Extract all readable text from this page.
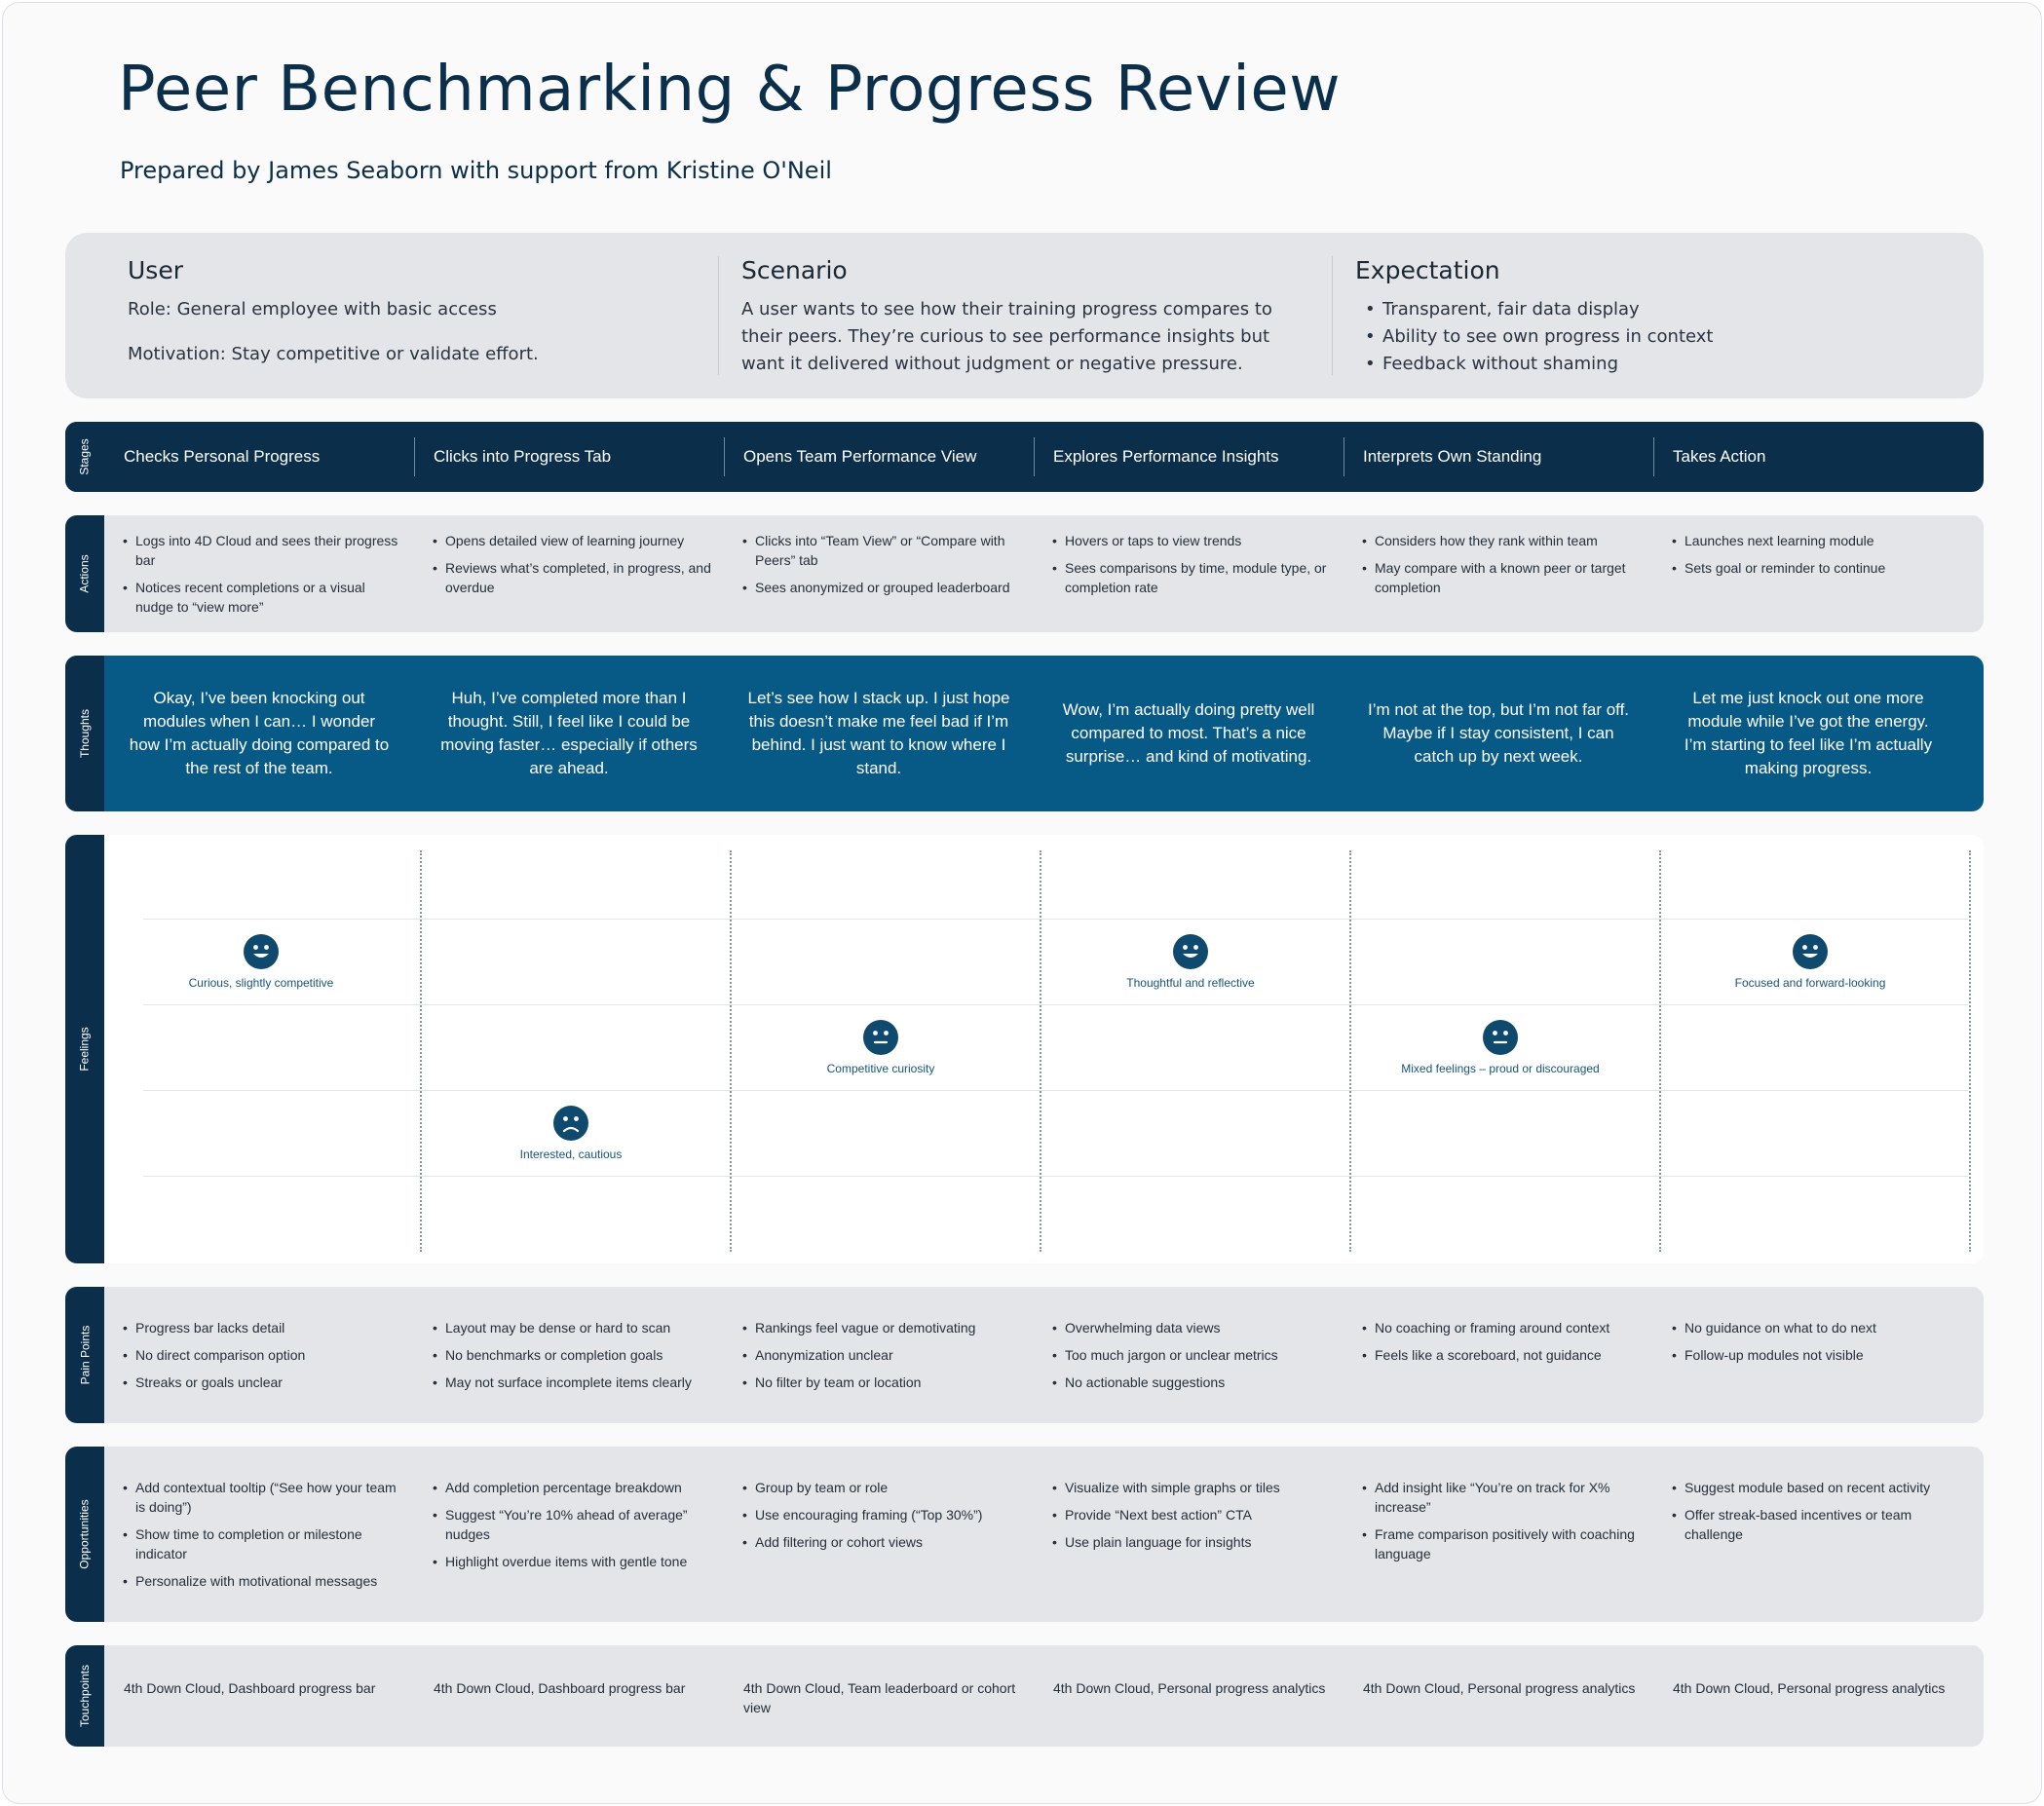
Peer Benchmarking & Progress Review
Prepared by James Seaborn with support from Kristine O'Neil
User

Role: General employee with basic access

Motivation: Stay competitive or validate effort.

Scenario

A user wants to see how their training progress compares to their peers. They’re curious to see performance insights but want it delivered without judgment or negative pressure.

Expectation
• Transparent, fair data display
• Ability to see own progress in context
• Feedback without shaming
Stages	Checks Personal Progress	Clicks into Progress Tab	Opens Team Performance View	Explores Performance Insights	Interprets Own Standing	Takes Action
Actions
• Logs into 4D Cloud and sees their progress bar
• Notices recent completions or a visual nudge to “view more”
• Opens detailed view of learning journey
• Reviews what’s completed, in progress, and overdue
• Clicks into “Team View” or “Compare with Peers” tab
• Sees anonymized or grouped leaderboard
• Hovers or taps to view trends
• Sees comparisons by time, module type, or completion rate
• Considers how they rank within team
• May compare with a known peer or target completion
• Launches next learning module
• Sets goal or reminder to continue
Thoughts
Okay, I’ve been knocking out modules when I can… I wonder how I’m actually doing compared to the rest of the team.
Huh, I’ve completed more than I thought. Still, I feel like I could be moving faster… especially if others are ahead.
Let’s see how I stack up. I just hope this doesn’t make me feel bad if I’m behind. I just want to know where I stand.
Wow, I’m actually doing pretty well compared to most. That’s a nice surprise… and kind of motivating.
I’m not at the top, but I’m not far off. Maybe if I stay consistent, I can catch up by next week.
Let me just knock out one more module while I’ve got the energy. I’m starting to feel like I’m actually making progress.
Feelings
Curious, slightly competitive
Interested, cautious
Competitive curiosity
Thoughtful and reflective
Mixed feelings – proud or discouraged
Focused and forward-looking
Pain Points
•	Progress bar lacks detail
• No direct comparison option
• Streaks or goals unclear
• Layout may be dense or hard to scan
• No benchmarks or completion goals
• May not surface incomplete items clearly
• Rankings feel vague or demotivating
• Anonymization unclear
• No filter by team or location
• Overwhelming data views
• Too much jargon or unclear metrics
• No actionable suggestions
• No coaching or framing around context
• Feels like a scoreboard, not guidance
• No guidance on what to do next
• Follow-up modules not visible
Opportunities
• Add contextual tooltip (“See how your team is doing”)
• Show time to completion or milestone indicator
• Personalize with motivational messages
• Add completion percentage breakdown
• Suggest “You’re 10% ahead of average” nudges
• Highlight overdue items with gentle tone
• Group by team or role
• Use encouraging framing (“Top 30%”)
• Add filtering or cohort views
• Visualize with simple graphs or tiles
• Provide “Next best action” CTA
• Use plain language for insights
• Add insight like “You’re on track for X% increase”
• Frame comparison positively with coaching language
• Suggest module based on recent activity
• Offer streak-based incentives or team challenge
Touchpoints	4th Down Cloud, Dashboard progress bar	4th Down Cloud, Dashboard progress bar	4th Down Cloud, Team leaderboard or cohort view
4th Down Cloud, Personal progress analytics	4th Down Cloud, Personal progress analytics	4th Down Cloud, Personal progress analytics
